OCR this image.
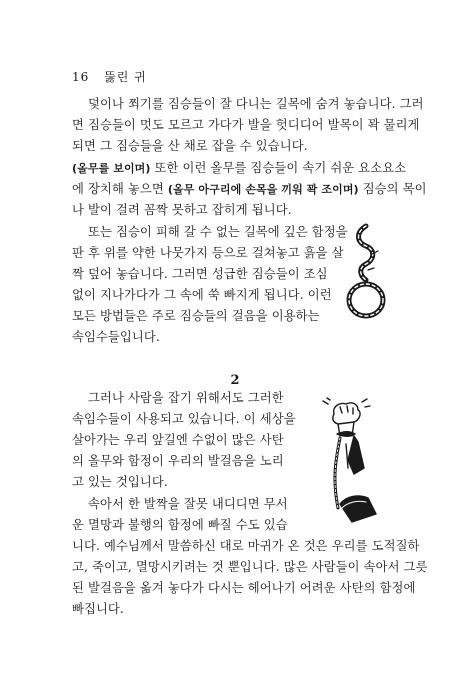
16 뚫린 귀
덫이나 쬐기를 짐승들이 잘 다니는 길목에 숨겨 놓습니다. 그러
면 짐승들이 멋도 모르고 가다가 발을 헛디디어 발목이 꽉 물리게
되면 그 짐승들을 산 채로 잡을 수 있습니다.
(올무를 보이며) 또한 이런 올무를 짐승들이 속기 쉬운 요소요소
에 장치해 놓으면 (올무 아구리에 손목을 끼워 꽉 조이며) 짐승의 목이
나 발이 걸려 꼼짝 못하고 잡히게 됩니다.
또는 짐승이 피해 갈 수 없는 길목에 깊은 함정을
판 후 위를 약한 나뭇가지 등으로 걸쳐놓고 흙을 살
짝 덮어 놓습니다. 그러면 성급한 짐승들이 조심
없이 지나가다가 그 속에 쑥 빠지게 됩니다. 이런
모든 방법들은 주로 짐승들의 걸음을 이용하는
속임수들입니다.
2
그러나 사람을 잡기 위해서도 그러한
속임수들이 사용되고 있습니다. 이 세상을
살아가는 우리 앞길엔 수없이 많은 사탄
의 올무와 함정이 우리의 발걸음을 노리
고 있는 것입니다.
속아서 한 발짝을 잘못 내디디면 무서
운 멸망과 불행의 함정에 빠질 수도 있습
니다. 예수님께서 말씀하신 대로 마귀가 온 것은 우리를 도적질하
고, 죽이고, 멸망시키려는 것 뿐입니다. 많은 사람들이 속아서 그릇
된 발걸음을 옮겨 놓다가 다시는 헤어나기 어려운 사탄의 함정에
빠집니다.
